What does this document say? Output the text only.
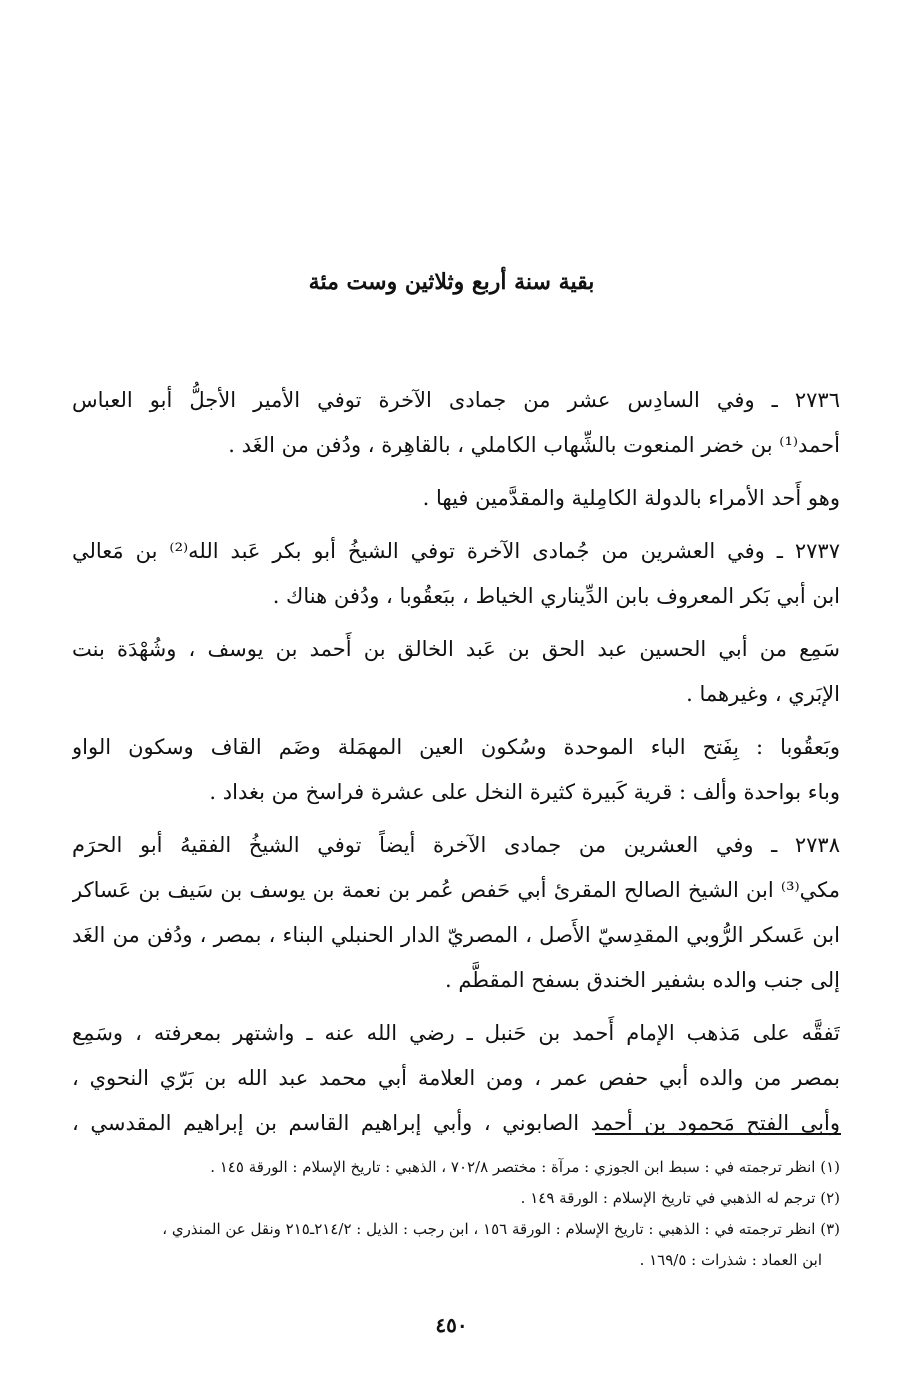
بقية سنة أربع وثلاثين وست مئة
٢٧٣٦ ـ وفي السادِس عشر من جمادى الآخرة توفي الأمير الأجلُّ أبو العباس
أحمد⁽¹⁾ بن خضر المنعوت بالشِّهاب الكاملي ، بالقاهِرة ، ودُفن من الغَد .
وهو أَحد الأمراء بالدولة الكامِلية والمقدَّمين فيها .
٢٧٣٧ ـ وفي العشرين من جُمادى الآخرة توفي الشيخُ أبو بكر عَبد الله⁽²⁾ بن مَعالي
ابن أبي بَكر المعروف بابن الدِّيناري الخياط ، ببَعقُوبا ، ودُفن هناك .
سَمِع من أبي الحسين عبد الحق بن عَبد الخالق بن أَحمد بن يوسف ، وشُهْدَة بنت
الإبَري ، وغيرهما .
وبَعقُوبا : بِفَتح الباء الموحدة وسُكون العين المهمَلة وضَم القاف وسكون الواو
وباء بواحدة وألف : قرية كَبيرة كثيرة النخل على عشرة فراسخ من بغداد .
٢٧٣٨ ـ وفي العشرين من جمادى الآخرة أيضاً توفي الشيخُ الفقيهُ أبو الحرَم
مكي⁽³⁾ ابن الشيخ الصالح المقرئ أبي حَفص عُمر بن نعمة بن يوسف بن سَيف بن عَساكر
ابن عَسكر الرُّوبي المقدِسيّ الأَصل ، المصريّ الدار الحنبلي البناء ، بمصر ، ودُفن من الغَد
إلى جنب والده بشفير الخندق بسفح المقطَّم .
تَفقَّه على مَذهب الإمام أَحمد بن حَنبل ـ رضي الله عنه ـ واشتهر بمعرفته ، وسَمِع
بمصر من والده أبي حفص عمر ، ومن العلامة أبي محمد عبد الله بن بَرّي النحوي ،
وأبي الفتح مَحمود بن أحمد الصابوني ، وأبي إبراهيم القاسم بن إبراهيم المقدسي ،
(١) انظر ترجمته في : سبط ابن الجوزي : مرآة : مختصر ٧٠٢/٨ ، الذهبي : تاريخ الإسلام : الورقة ١٤٥ .
(٢) ترجم له الذهبي في تاريخ الإسلام : الورقة ١٤٩ .
(٣) انظر ترجمته في : الذهبي : تاريخ الإسلام : الورقة ١٥٦ ، ابن رجب : الذيل : ٢١٤/٢ـ٢١٥ ونقل عن المنذري ،
ابن العماد : شذرات : ١٦٩/٥ .
٤٥٠
